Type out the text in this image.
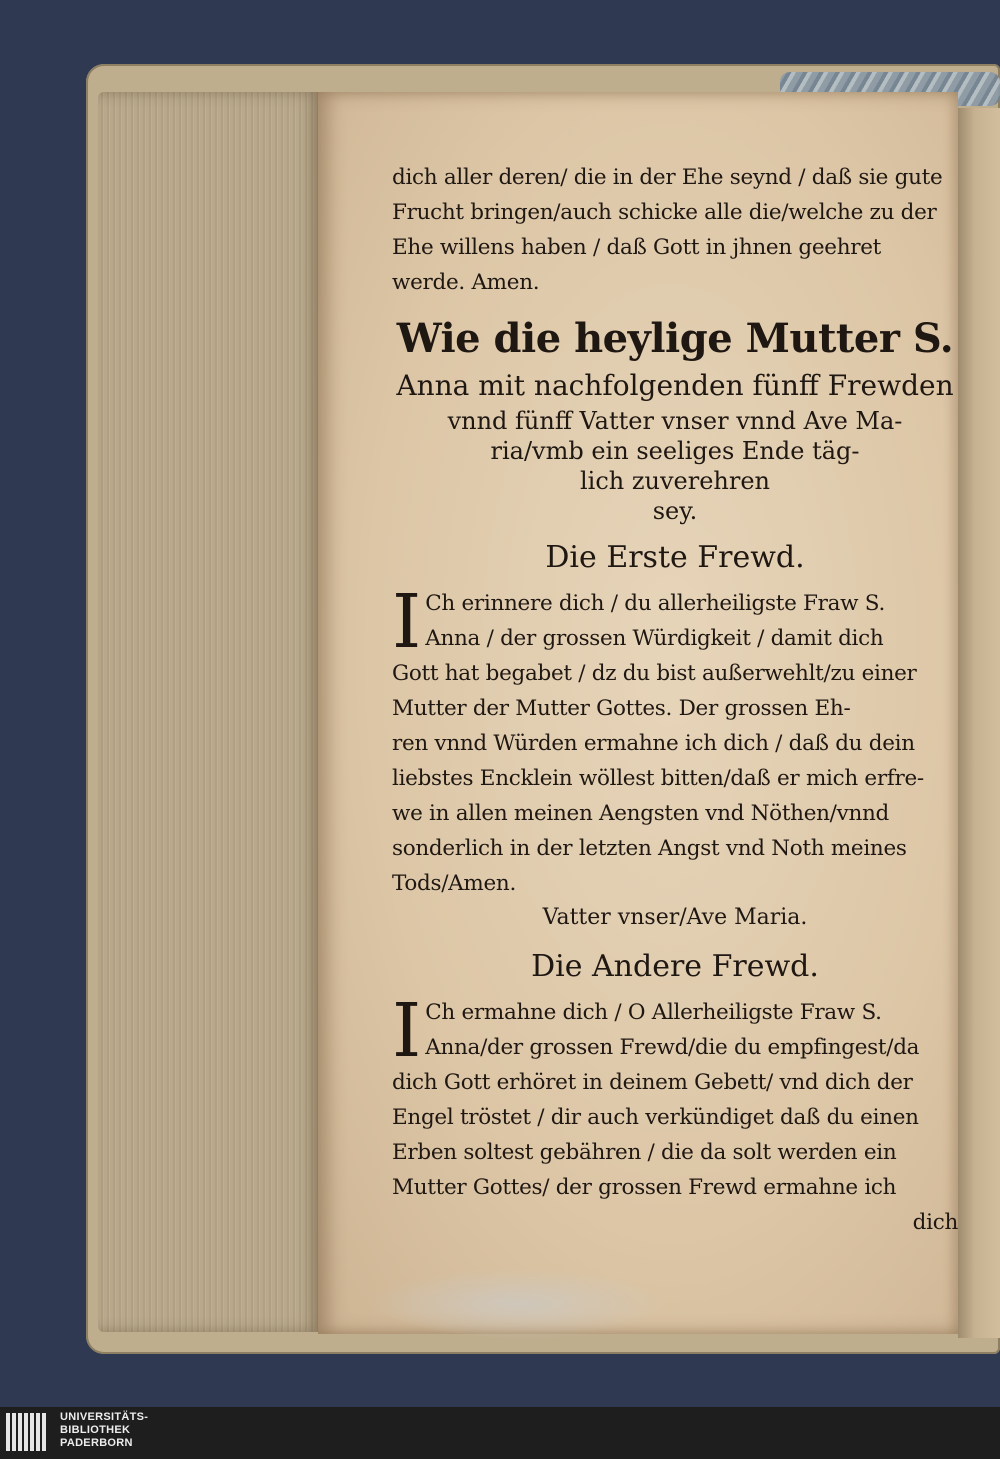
dich aller deren/ die in der Ehe seynd / daß sie gute
Frucht bringen/auch schicke alle die/welche zu der
Ehe willens haben / daß Gott in jhnen geehret
werde. Amen.
Wie die heylige Mutter S.
Anna mit nachfolgenden fünff Frewden
vnnd fünff Vatter vnser vnnd Ave Ma-
ria/vmb ein seeliges Ende täg-
lich zuverehren
sey.
Die Erste Frewd.
I Ch erinnere dich / du allerheiligste Fraw S.
Anna / der grossen Würdigkeit / damit dich
Gott hat begabet / dz du bist außerwehlt/zu einer
Mutter der Mutter Gottes. Der grossen Eh-
ren vnnd Würden ermahne ich dich / daß du dein
liebstes Encklein wöllest bitten/daß er mich erfre-
we in allen meinen Aengsten vnd Nöthen/vnnd
sonderlich in der letzten Angst vnd Noth meines
Tods/Amen.
Vatter vnser/Ave Maria.
Die Andere Frewd.
I Ch ermahne dich / O Allerheiligste Fraw S.
Anna/der grossen Frewd/die du empfingest/da
dich Gott erhöret in deinem Gebett/ vnd dich der
Engel tröstet / dir auch verkündiget daß du einen
Erben soltest gebähren / die da solt werden ein
Mutter Gottes/ der grossen Frewd ermahne ich
dich
UNIVERSITÄTS-
BIBLIOTHEK
PADERBORN
